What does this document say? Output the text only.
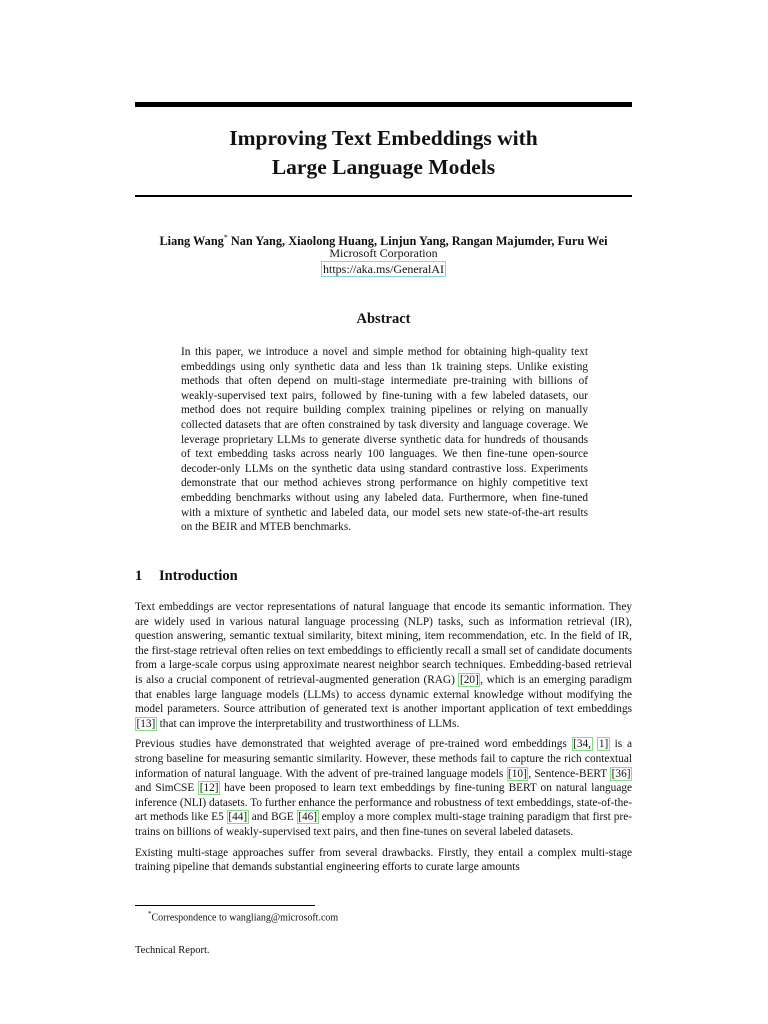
Improving Text Embeddings with
Large Language Models
Liang Wang* Nan Yang, Xiaolong Huang, Linjun Yang, Rangan Majumder, Furu Wei
Microsoft Corporation
https://aka.ms/GeneralAI
Abstract
In this paper, we introduce a novel and simple method for obtaining high-quality text embeddings using only synthetic data and less than 1k training steps. Unlike existing methods that often depend on multi-stage intermediate pre-training with billions of weakly-supervised text pairs, followed by fine-tuning with a few labeled datasets, our method does not require building complex training pipelines or relying on manually collected datasets that are often constrained by task diversity and language coverage. We leverage proprietary LLMs to generate diverse synthetic data for hundreds of thousands of text embedding tasks across nearly 100 languages. We then fine-tune open-source decoder-only LLMs on the synthetic data using standard contrastive loss. Experiments demonstrate that our method achieves strong performance on highly competitive text embedding benchmarks without using any labeled data. Furthermore, when fine-tuned with a mixture of synthetic and labeled data, our model sets new state-of-the-art results on the BEIR and MTEB benchmarks.
1 Introduction

Text embeddings are vector representations of natural language that encode its semantic information. They are widely used in various natural language processing (NLP) tasks, such as information retrieval (IR), question answering, semantic textual similarity, bitext mining, item recommendation, etc. In the field of IR, the first-stage retrieval often relies on text embeddings to efficiently recall a small set of candidate documents from a large-scale corpus using approximate nearest neighbor search techniques. Embedding-based retrieval is also a crucial component of retrieval-augmented generation (RAG) [20] , which is an emerging paradigm that enables large language models (LLMs) to access dynamic external knowledge without modifying the model parameters. Source attribution of generated text is another important application of text embeddings [13] that can improve the interpretability and trustworthiness of LLMs.

Previous studies have demonstrated that weighted average of pre-trained word embeddings [34, 1] is a strong baseline for measuring semantic similarity. However, these methods fail to capture the rich contextual information of natural language. With the advent of pre-trained language models [10] , Sentence-BERT [36] and SimCSE [12] have been proposed to learn text embeddings by fine-tuning BERT on natural language inference (NLI) datasets. To further enhance the performance and robustness of text embeddings, state-of-the-art methods like E5 [44] and BGE [46] employ a more complex multi-stage training paradigm that first pre-trains on billions of weakly-supervised text pairs, and then fine-tunes on several labeled datasets.

Existing multi-stage approaches suffer from several drawbacks. Firstly, they entail a complex multi-stage training pipeline that demands substantial engineering efforts to curate large amounts

*Correspondence to wangliang@microsoft.com
Technical Report.
